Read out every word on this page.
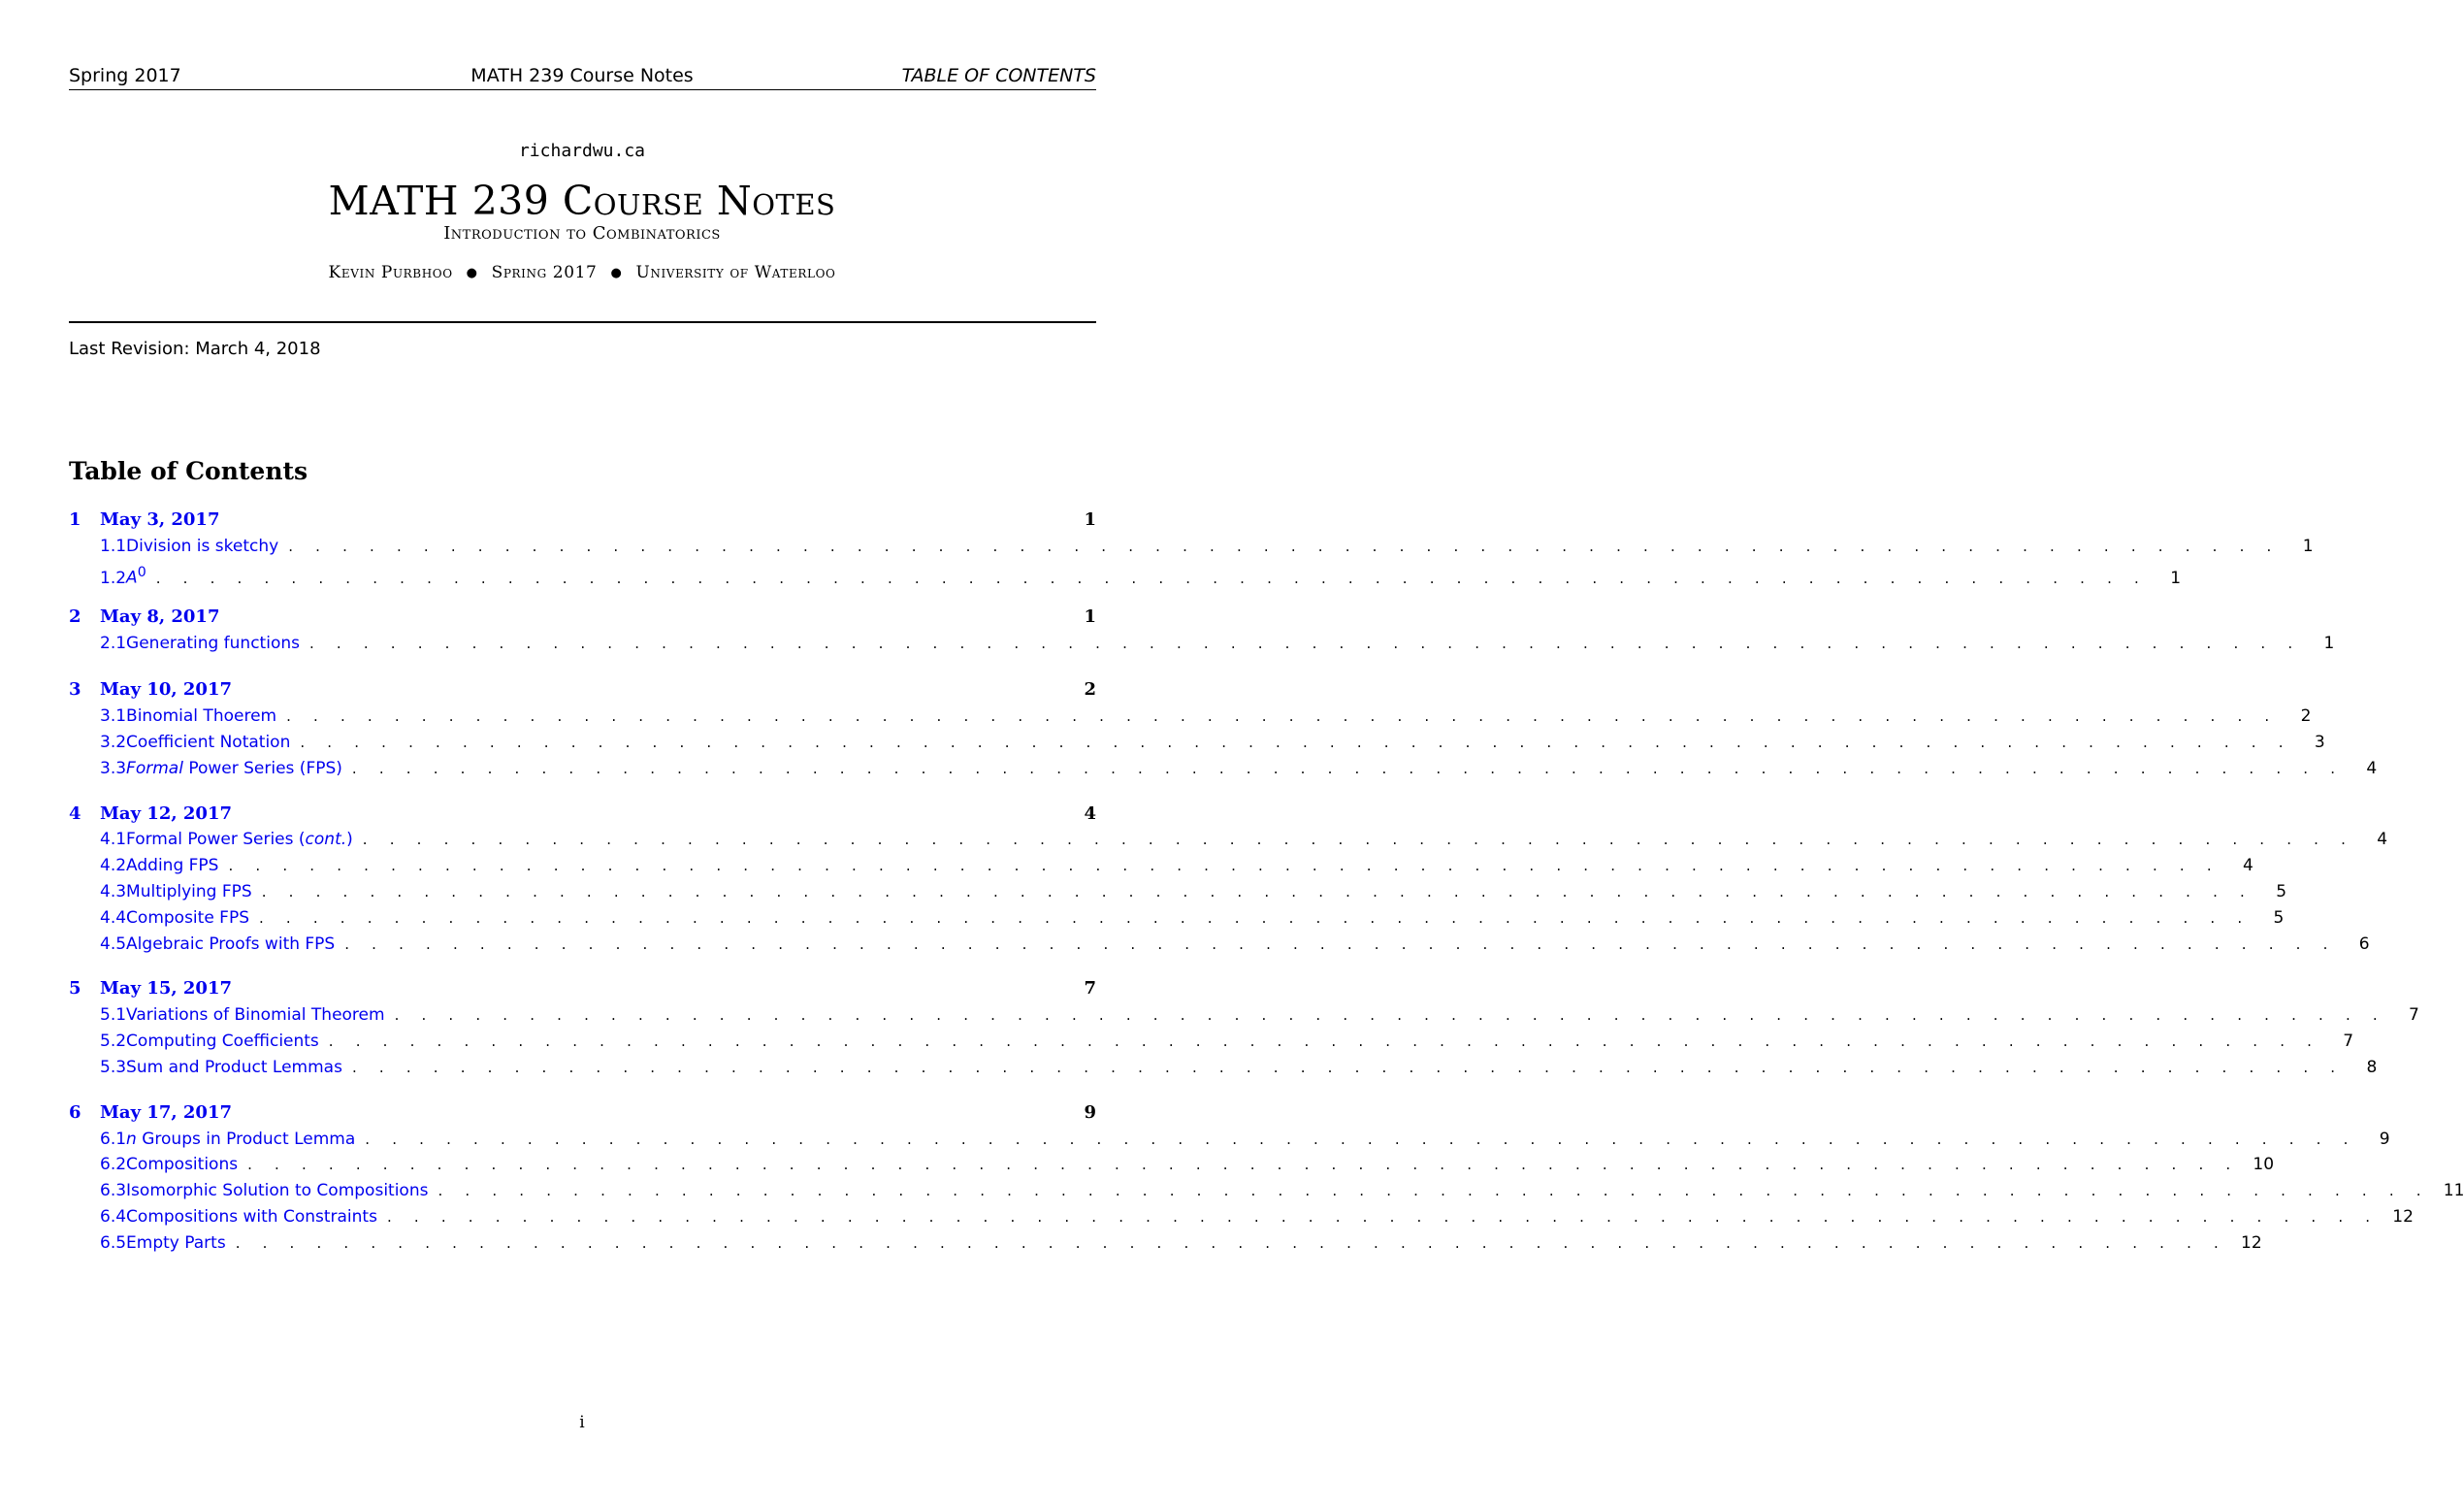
Spring 2017	MATH 239 Course Notes	TABLE OF CONTENTS
richardwu.ca
MATH 239 Course Notes
Introduction to Combinatorics
Kevin Purbhoo ● Spring 2017 ● University of Waterloo
Last Revision: March 4, 2018
Table of Contents
1	May 3, 2017	1
1.1 Division is sketchy . . . . . . . . . . . . . . . . . . . . . . . . . . . . . . . . . . . . . . . . . . . . . . . . . . . . . . . . . . . . . . . . . . . . . . . . . .	1
1.2 $A^0$ . . . . . . . . . . . . . . . . . . . . . . . . . . . . . . . . . . . . . . . . . . . . . . . . . . . . . . . . . . . . . . . . . . . . . . . . . .	1
2	May 8, 2017	1
2.1 Generating functions . . . . . . . . . . . . . . . . . . . . . . . . . . . . . . . . . . . . . . . . . . . . . . . . . . . . . . . . . . . . . . . . . . . . . . . . . .	1
3	May 10, 2017	2
3.1 Binomial Thoerem . . . . . . . . . . . . . . . . . . . . . . . . . . . . . . . . . . . . . . . . . . . . . . . . . . . . . . . . . . . . . . . . . . . . . . . . . .	2
3.2 Coefficient Notation . . . . . . . . . . . . . . . . . . . . . . . . . . . . . . . . . . . . . . . . . . . . . . . . . . . . . . . . . . . . . . . . . . . . . . . . . .	3
3.3 Formal Power Series (FPS) . . . . . . . . . . . . . . . . . . . . . . . . . . . . . . . . . . . . . . . . . . . . . . . . . . . . . . . . . . . . . . . . . . . . . . . . . .	4
4	May 12, 2017	4
4.1 Formal Power Series (cont.) . . . . . . . . . . . . . . . . . . . . . . . . . . . . . . . . . . . . . . . . . . . . . . . . . . . . . . . . . . . . . . . . . . . . . . . . . .	4
4.2 Adding FPS . . . . . . . . . . . . . . . . . . . . . . . . . . . . . . . . . . . . . . . . . . . . . . . . . . . . . . . . . . . . . . . . . . . . . . . . . .	4
4.3 Multiplying FPS . . . . . . . . . . . . . . . . . . . . . . . . . . . . . . . . . . . . . . . . . . . . . . . . . . . . . . . . . . . . . . . . . . . . . . . . . .	5
4.4 Composite FPS . . . . . . . . . . . . . . . . . . . . . . . . . . . . . . . . . . . . . . . . . . . . . . . . . . . . . . . . . . . . . . . . . . . . . . . . . .	5
4.5 Algebraic Proofs with FPS . . . . . . . . . . . . . . . . . . . . . . . . . . . . . . . . . . . . . . . . . . . . . . . . . . . . . . . . . . . . . . . . . . . . . . . . . .	6
5	May 15, 2017	7
5.1 Variations of Binomial Theorem . . . . . . . . . . . . . . . . . . . . . . . . . . . . . . . . . . . . . . . . . . . . . . . . . . . . . . . . . . . . . . . . . . . . . . . . . .	7
5.2 Computing Coefficients . . . . . . . . . . . . . . . . . . . . . . . . . . . . . . . . . . . . . . . . . . . . . . . . . . . . . . . . . . . . . . . . . . . . . . . . . .	7
5.3 Sum and Product Lemmas . . . . . . . . . . . . . . . . . . . . . . . . . . . . . . . . . . . . . . . . . . . . . . . . . . . . . . . . . . . . . . . . . . . . . . . . . .	8
6	May 17, 2017	9
6.1 n Groups in Product Lemma . . . . . . . . . . . . . . . . . . . . . . . . . . . . . . . . . . . . . . . . . . . . . . . . . . . . . . . . . . . . . . . . . . . . . . . . . .	9
6.2 Compositions . . . . . . . . . . . . . . . . . . . . . . . . . . . . . . . . . . . . . . . . . . . . . . . . . . . . . . . . . . . . . . . . . . . . . . . . . . 10
6.3 Isomorphic Solution to Compositions . . . . . . . . . . . . . . . . . . . . . . . . . . . . . . . . . . . . . . . . . . . . . . . . . . . . . . . . . . . . . . . . . . . . . . . . . . 11
6.4 Compositions with Constraints . . . . . . . . . . . . . . . . . . . . . . . . . . . . . . . . . . . . . . . . . . . . . . . . . . . . . . . . . . . . . . . . . . . . . . . . . . 12
6.5 Empty Parts . . . . . . . . . . . . . . . . . . . . . . . . . . . . . . . . . . . . . . . . . . . . . . . . . . . . . . . . . . . . . . . . . . . . . . . . . . 12
i
